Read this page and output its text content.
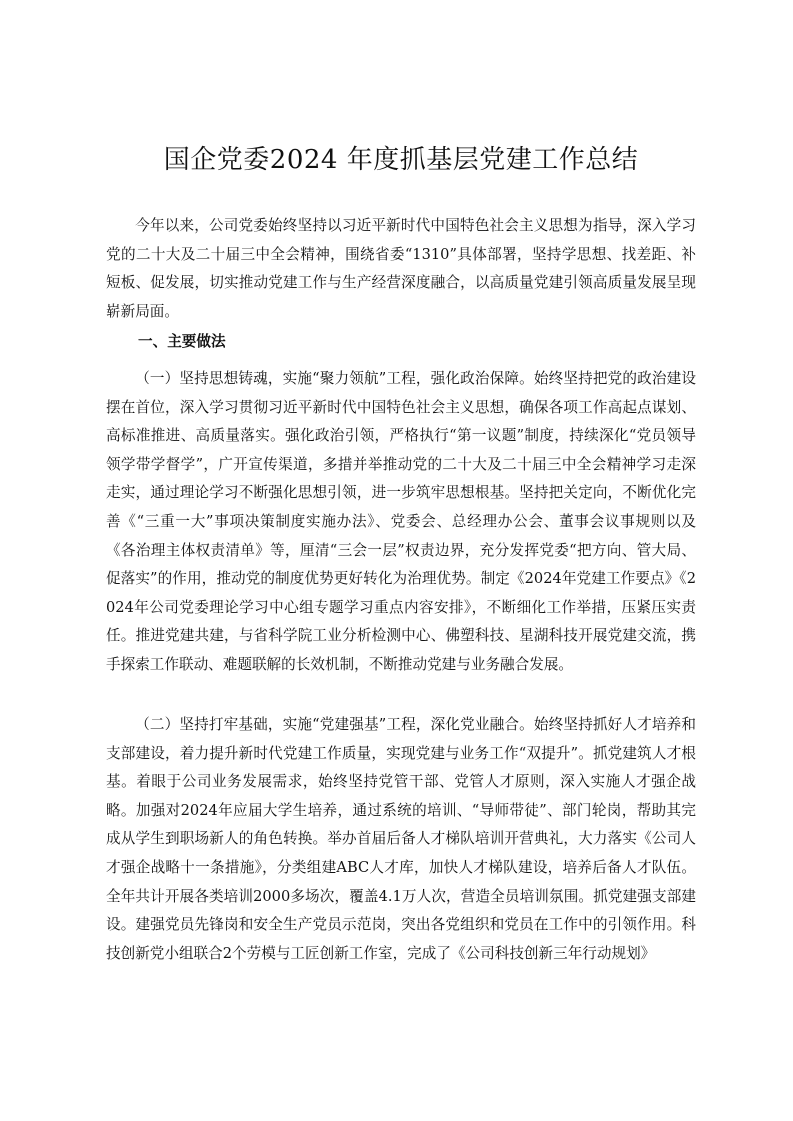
国企党委2024 年度抓基层党建工作总结

今年以来，公司党委始终坚持以习近平新时代中国特色社会主义思想为指导，深入学习党的二十大及二十届三中全会精神，围绕省委“1310”具体部署，坚持学思想、找差距、补短板、促发展，切实推动党建工作与生产经营深度融合，以高质量党建引领高质量发展呈现崭新局面。

一、主要做法

（一）坚持思想铸魂，实施“聚力领航”工程，强化政治保障。始终坚持把党的政治建设摆在首位，深入学习贯彻习近平新时代中国特色社会主义思想，确保各项工作高起点谋划、高标准推进、高质量落实。强化政治引领，严格执行“第一议题”制度，持续深化“党员领导领学带学督学”，广开宣传渠道，多措并举推动党的二十大及二十届三中全会精神学习走深走实，通过理论学习不断强化思想引领，进一步筑牢思想根基。坚持把关定向，不断优化完善《“三重一大”事项决策制度实施办法》、党委会、总经理办公会、董事会议事规则以及《各治理主体权责清单》等，厘清“三会一层”权责边界，充分发挥党委“把方向、管大局、促落实”的作用，推动党的制度优势更好转化为治理优势。制定《2024年党建工作要点》《2024年公司党委理论学习中心组专题学习重点内容安排》，不断细化工作举措，压紧压实责任。推进党建共建，与省科学院工业分析检测中心、佛塑科技、星湖科技开展党建交流，携手探索工作联动、难题联解的长效机制，不断推动党建与业务融合发展。

（二）坚持打牢基础，实施“党建强基”工程，深化党业融合。始终坚持抓好人才培养和支部建设，着力提升新时代党建工作质量，实现党建与业务工作“双提升”。抓党建筑人才根基。着眼于公司业务发展需求，始终坚持党管干部、党管人才原则，深入实施人才强企战略。加强对2024年应届大学生培养，通过系统的培训、“导师带徒”、部门轮岗，帮助其完成从学生到职场新人的角色转换。举办首届后备人才梯队培训开营典礼，大力落实《公司人才强企战略十一条措施》，分类组建ABC人才库，加快人才梯队建设，培养后备人才队伍。全年共计开展各类培训2000多场次，覆盖4.1万人次，营造全员培训氛围。抓党建强支部建设。建强党员先锋岗和安全生产党员示范岗，突出各党组织和党员在工作中的引领作用。科技创新党小组联合2个劳模与工匠创新工作室，完成了《公司科技创新三年行动规划》
